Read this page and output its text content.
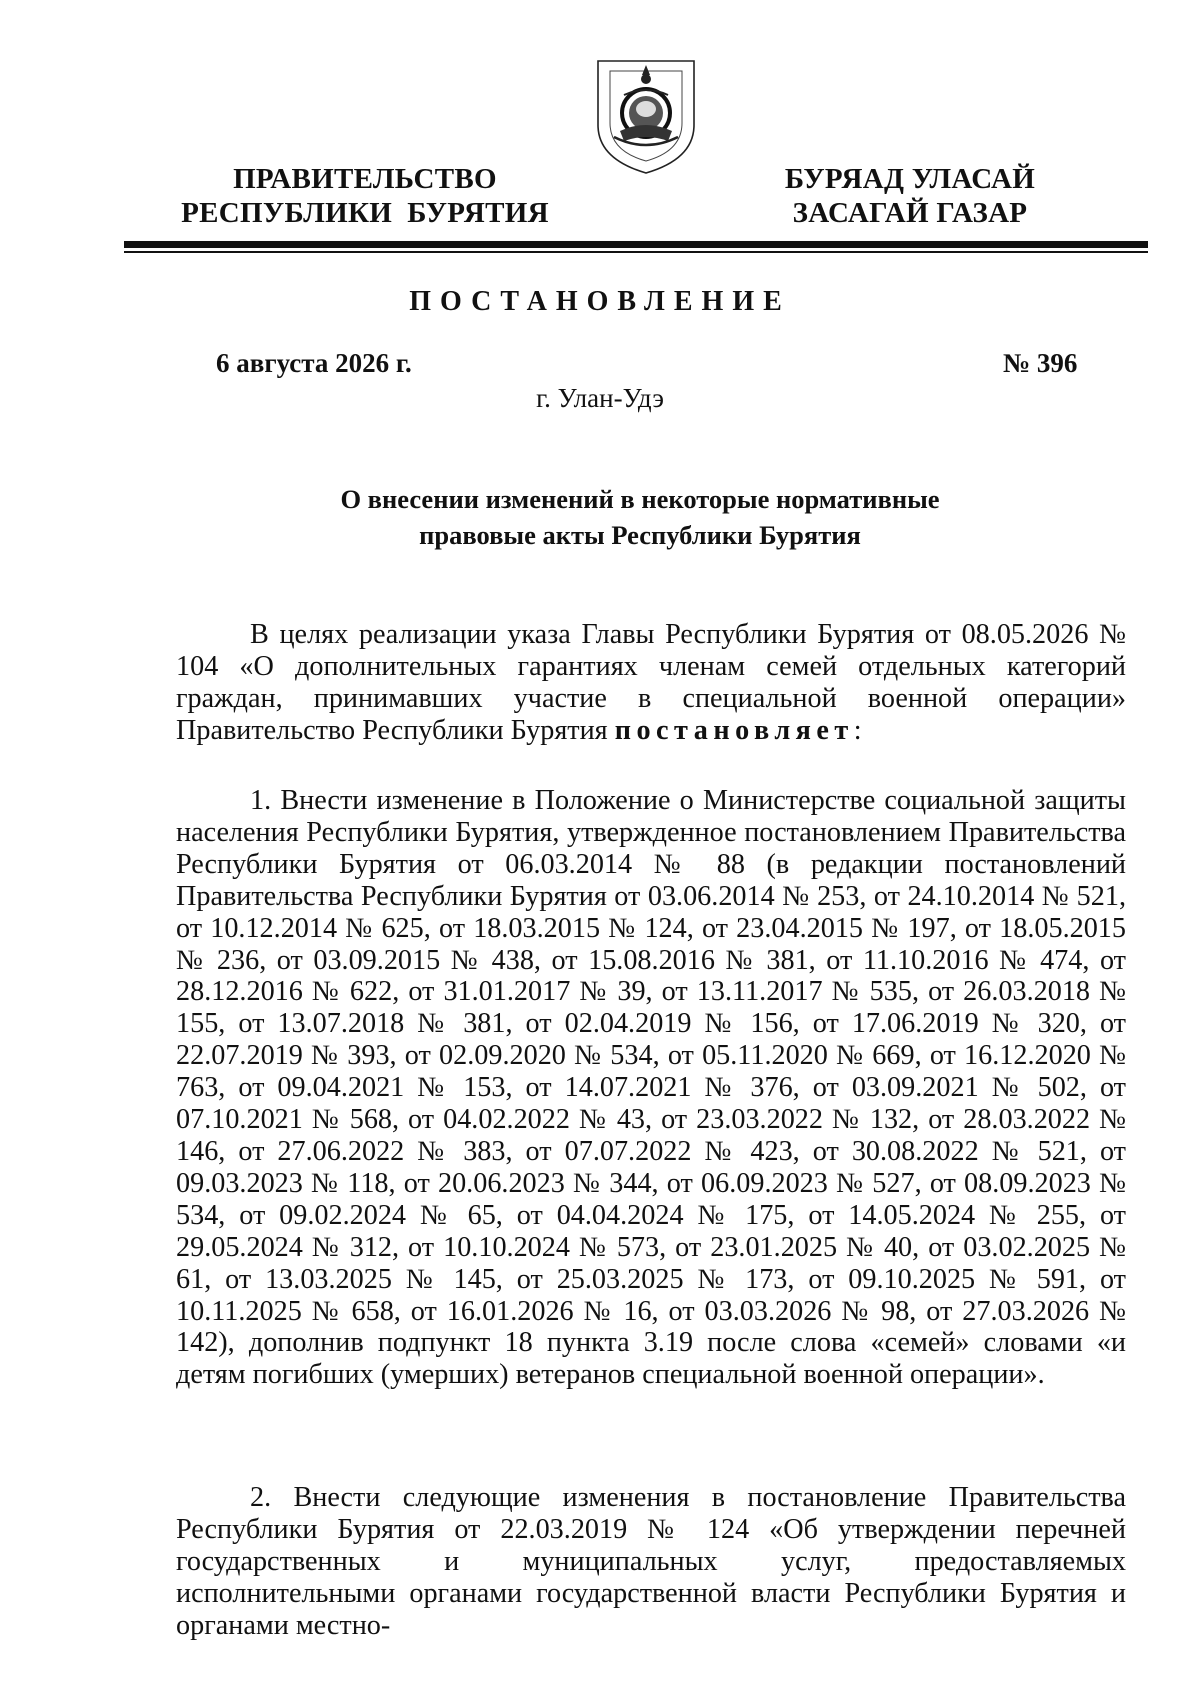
ПРАВИТЕЛЬСТВО
РЕСПУБЛИКИ  БУРЯТИЯ
БУРЯАД УЛАСАЙ
ЗАСАГАЙ ГАЗАР
ПОСТАНОВЛЕНИЕ
6 августа 2026 г.	№ 396
г. Улан-Удэ
О внесении изменений в некоторые нормативные
правовые акты Республики Бурятия

В целях реализации указа Главы Республики Бурятия от 08.05.2026 № 104 «О дополнительных гарантиях членам семей отдельных категорий граждан, принимавших участие в специальной военной операции» Правительство Республики Бурятия постановляет:

1. Внести изменение в Положение о Министерстве социальной защиты населения Республики Бурятия, утвержденное постановлением Правительства Республики Бурятия от 06.03.2014 № 88 (в редакции постановлений Правительства Республики Бурятия от 03.06.2014 № 253, от 24.10.2014 № 521, от 10.12.2014 № 625, от 18.03.2015 № 124, от 23.04.2015 № 197, от 18.05.2015 № 236, от 03.09.2015 № 438, от 15.08.2016 № 381, от 11.10.2016 № 474, от 28.12.2016 № 622, от 31.01.2017 № 39, от 13.11.2017 № 535, от 26.03.2018 № 155, от 13.07.2018 № 381, от 02.04.2019 № 156, от 17.06.2019 № 320, от 22.07.2019 № 393, от 02.09.2020 № 534, от 05.11.2020 № 669, от 16.12.2020 № 763, от 09.04.2021 № 153, от 14.07.2021 № 376, от 03.09.2021 № 502, от 07.10.2021 № 568, от 04.02.2022 № 43, от 23.03.2022 № 132, от 28.03.2022 № 146, от 27.06.2022 № 383, от 07.07.2022 № 423, от 30.08.2022 № 521, от 09.03.2023 № 118, от 20.06.2023 № 344, от 06.09.2023 № 527, от 08.09.2023 № 534, от 09.02.2024 № 65, от 04.04.2024 № 175, от 14.05.2024 № 255, от 29.05.2024 № 312, от 10.10.2024 № 573, от 23.01.2025 № 40, от 03.02.2025 № 61, от 13.03.2025 № 145, от 25.03.2025 № 173, от 09.10.2025 № 591, от 10.11.2025 № 658, от 16.01.2026 № 16, от 03.03.2026 № 98, от 27.03.2026 № 142), дополнив подпункт 18 пункта 3.19 после слова «семей» словами «и детям погибших (умерших) ветеранов специальной военной операции».

2. Внести следующие изменения в постановление Правительства Республики Бурятия от 22.03.2019 № 124 «Об утверждении перечней государственных и муниципальных услуг, предоставляемых исполнительными органами государственной власти Республики Бурятия и органами местно-
